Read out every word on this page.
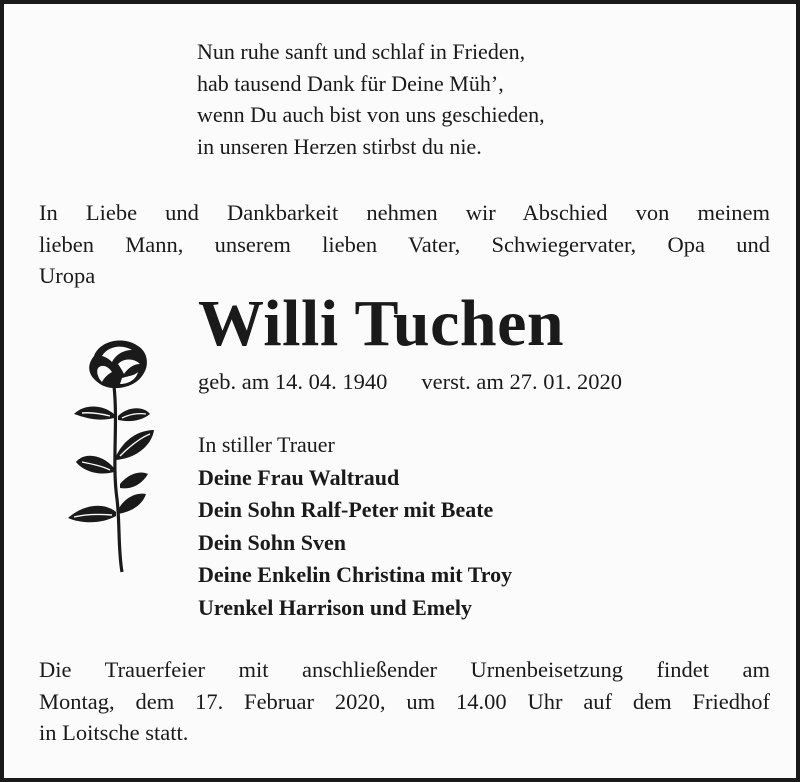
Nun ruhe sanft und schlaf in Frieden,
hab tausend Dank für Deine Müh’,
wenn Du auch bist von uns geschieden,
in unseren Herzen stirbst du nie.
In Liebe und Dankbarkeit nehmen wir Abschied von meinem
lieben Mann, unserem lieben Vater, Schwiegervater, Opa und
Uropa
Willi Tuchen
geb. am 14. 04. 1940 verst. am 27. 01. 2020
In stiller Trauer
Deine Frau Waltraud
Dein Sohn Ralf-Peter mit Beate
Dein Sohn Sven
Deine Enkelin Christina mit Troy
Urenkel Harrison und Emely
Die Trauerfeier mit anschließender Urnenbeisetzung findet am
Montag, dem 17. Februar 2020, um 14.00 Uhr auf dem Friedhof
in Loitsche statt.
